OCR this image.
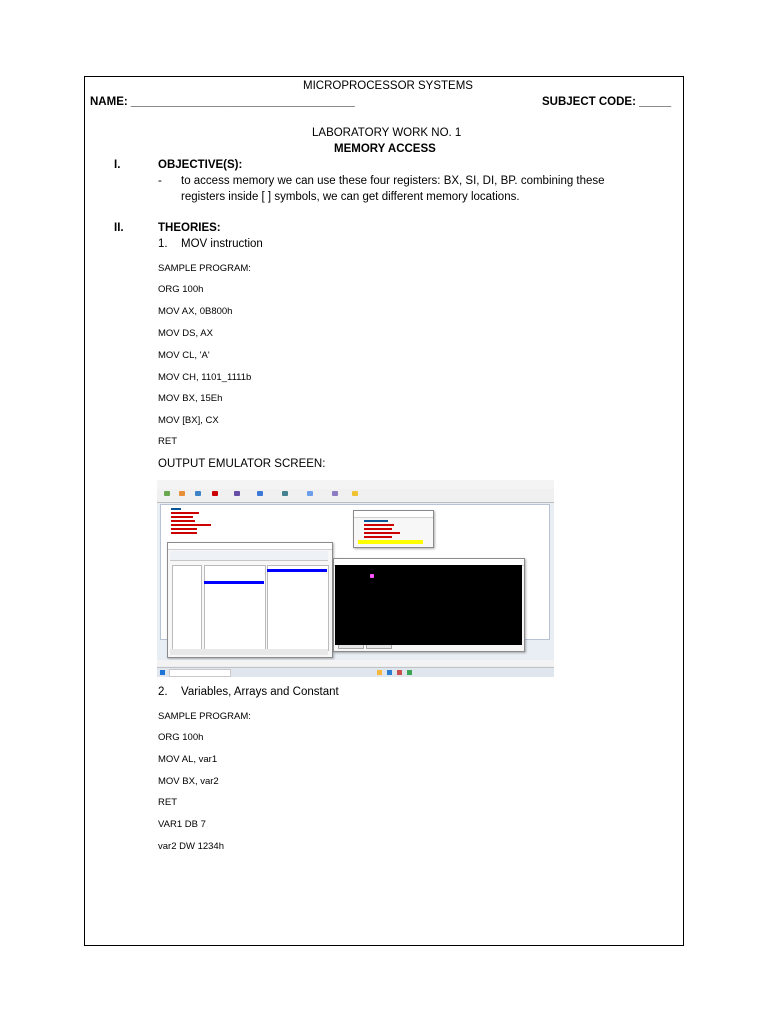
MICROPROCESSOR SYSTEMS
NAME: ___________________________________	SUBJECT CODE: _____
LABORATORY WORK NO. 1
MEMORY ACCESS
I.	OBJECTIVE(S):
- to access memory we can use these four registers: BX, SI, DI, BP. combining these
registers inside [ ] symbols, we can get different memory locations.
II.	THEORIES:
1. MOV instruction
SAMPLE PROGRAM:
ORG 100h
MOV AX, 0B800h
MOV DS, AX
MOV CL, 'A'
MOV CH, 1101_1111b
MOV BX, 15Eh
MOV [BX], CX
RET
OUTPUT EMULATOR SCREEN:
2. Variables, Arrays and Constant
SAMPLE PROGRAM:
ORG 100h
MOV AL, var1
MOV BX, var2
RET
VAR1 DB 7
var2 DW 1234h
